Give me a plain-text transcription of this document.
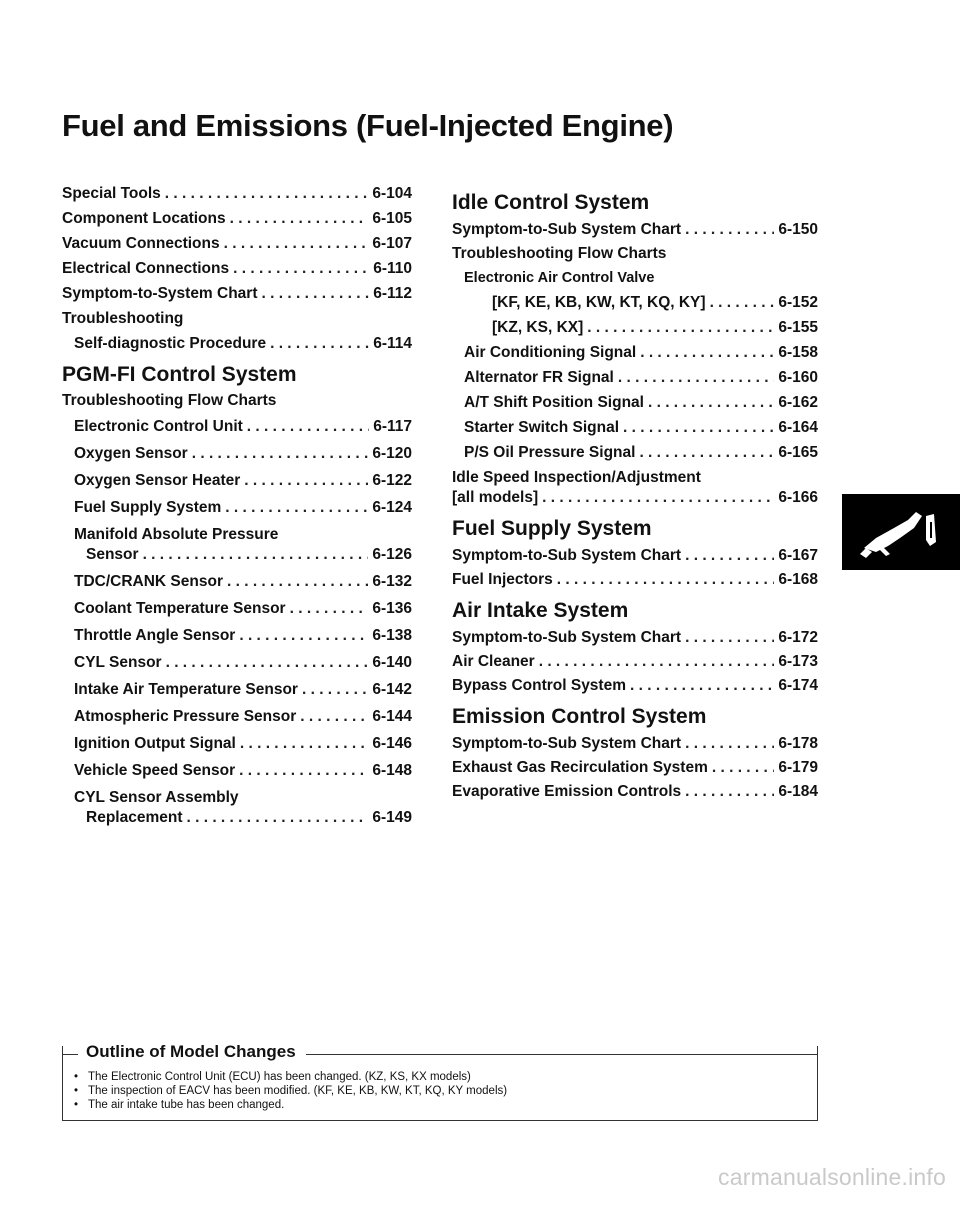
Fuel and Emissions (Fuel-Injected Engine)
Special Tools . . .	6-104
Component Locations . . .	6-105
Vacuum Connections . . .	6-107
Electrical Connections . . .	6-110
Symptom-to-System Chart . . .	6-112
Troubleshooting
Self-diagnostic Procedure . . .	6-114
PGM-FI Control System
Troubleshooting Flow Charts
Electronic Control Unit . . .	6-117
Oxygen Sensor . . .	6-120
Oxygen Sensor Heater . . .	6-122
Fuel Supply System . . .	6-124
Manifold Absolute Pressure
Sensor . . .	6-126
TDC/CRANK Sensor . . .	6-132
Coolant Temperature Sensor . . .	6-136
Throttle Angle Sensor . . .	6-138
CYL Sensor . . .	6-140
Intake Air Temperature Sensor . . .	6-142
Atmospheric Pressure Sensor . . .	6-144
Ignition Output Signal . . .	6-146
Vehicle Speed Sensor . . .	6-148
CYL Sensor Assembly
Replacement . . .	6-149
Idle Control System
Symptom-to-Sub System Chart . . .	6-150
Troubleshooting Flow Charts
Electronic Air Control Valve
[KF, KE, KB, KW, KT, KQ, KY] . . .	6-152
[KZ, KS, KX] . . .	6-155
Air Conditioning Signal . . .	6-158
Alternator FR Signal . . .	6-160
A/T Shift Position Signal . . .	6-162
Starter Switch Signal . . .	6-164
P/S Oil Pressure Signal . . .	6-165
Idle Speed Inspection/Adjustment
[all models] . . .	6-166
Fuel Supply System
Symptom-to-Sub System Chart . . .	6-167
Fuel Injectors . . .	6-168
Air Intake System
Symptom-to-Sub System Chart . . .	6-172
Air Cleaner . . .	6-173
Bypass Control System . . .	6-174
Emission Control System
Symptom-to-Sub System Chart . . .	6-178
Exhaust Gas Recirculation System . . .	6-179
Evaporative Emission Controls . . .	6-184
Outline of Model Changes
• The Electronic Control Unit (ECU) has been changed. (KZ, KS, KX models)
• The inspection of EACV has been modified. (KF, KE, KB, KW, KT, KQ, KY models)
• The air intake tube has been changed.
carmanualsonline.info
